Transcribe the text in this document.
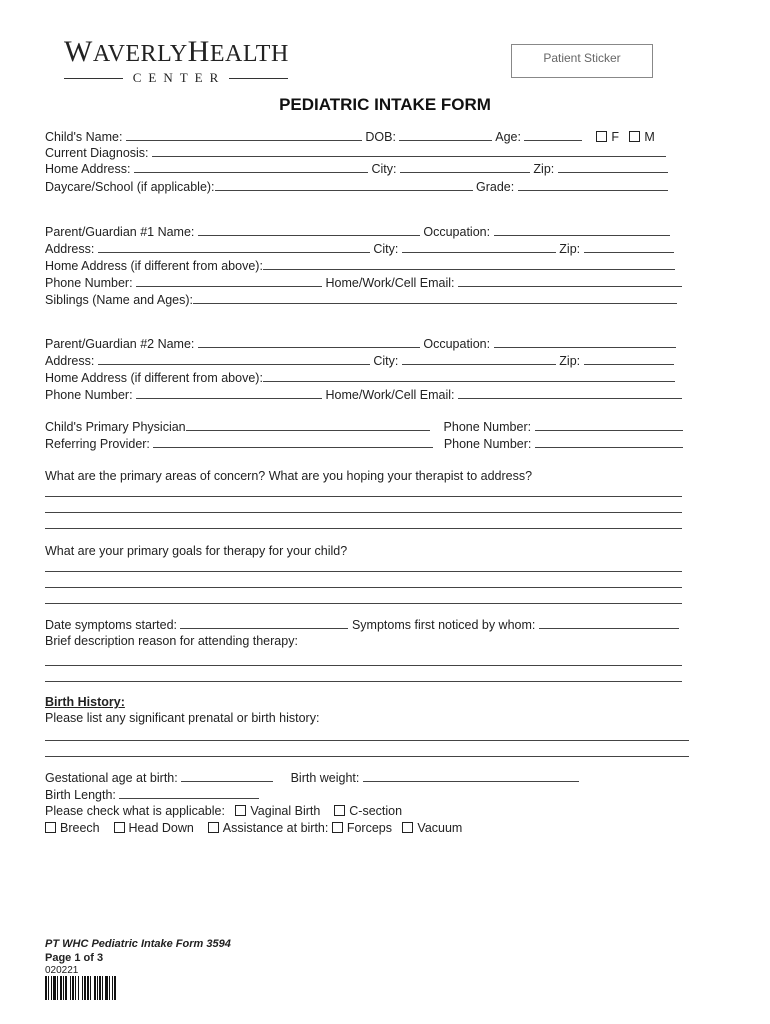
WAVERLYHEALTH
CENTER
Patient Sticker
PEDIATRIC INTAKE FORM
Child's Name:	DOB:	Age:	F M
Current Diagnosis:
Home Address:	City:	Zip:
Daycare/School (if applicable):	Grade:
Parent/Guardian #1 Name:	Occupation:
Address:	City:	Zip:
Home Address (if different from above):
Phone Number:	Home/Work/Cell Email:
Siblings (Name and Ages):
Parent/Guardian #2 Name:	Occupation:
Address:	City:	Zip:
Home Address (if different from above):
Phone Number:	Home/Work/Cell Email:
Child's Primary Physician	Phone Number:
Referring Provider:	Phone Number:
What are the primary areas of concern? What are you hoping your therapist to address?
What are your primary goals for therapy for your child?
Date symptoms started:	Symptoms first noticed by whom:
Brief description reason for attending therapy:
Birth History:
Please list any significant prenatal or birth history:
Gestational age at birth:	Birth weight:
Birth Length:
Please check what is applicable: Vaginal Birth C-section
Breech Head Down Assistance at birth: Forceps Vacuum
PT WHC Pediatric Intake Form 3594
Page 1 of 3
020221
